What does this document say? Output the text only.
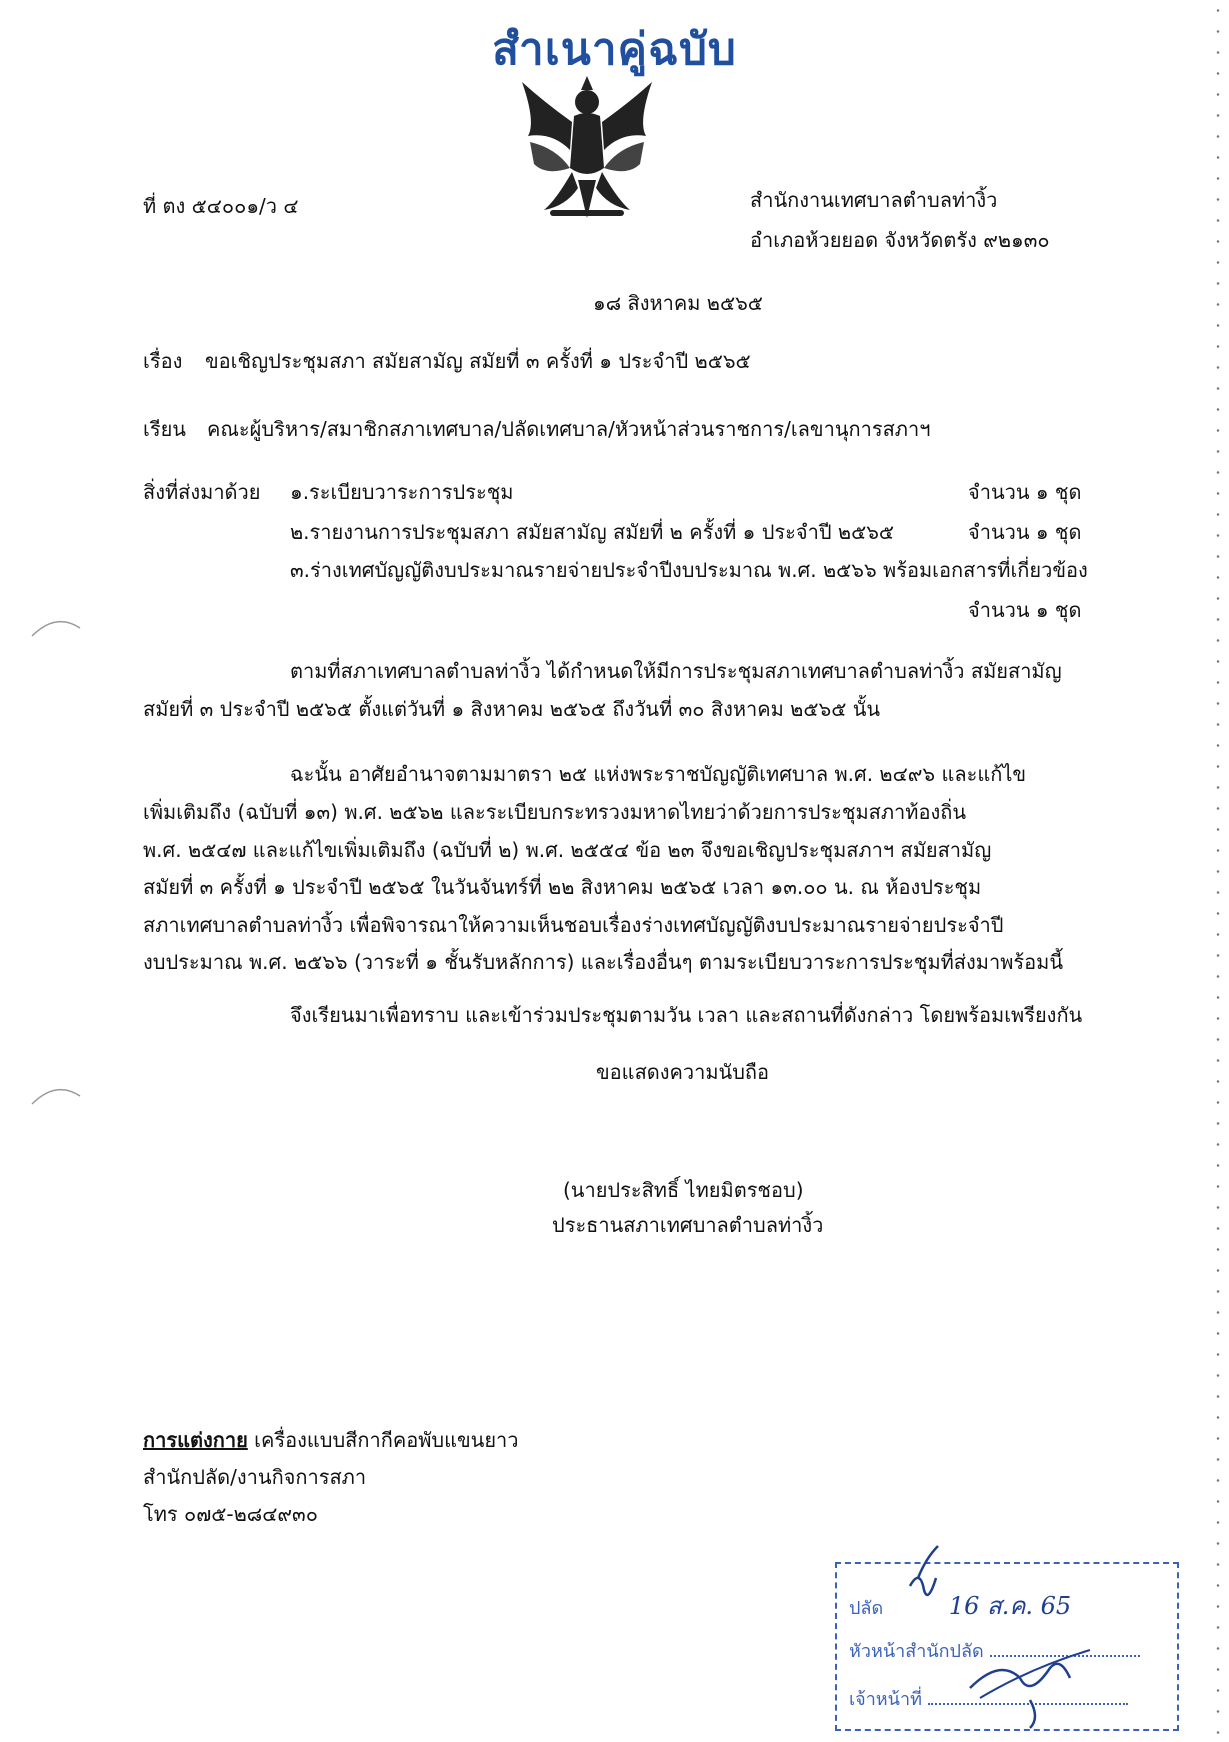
สำเนาคู่ฉบับ
ที่ ตง ๕๔๐๐๑/ว ๔	สำนักงานเทศบาลตำบลท่างิ้ว
อำเภอห้วยยอด จังหวัดตรัง ๙๒๑๓๐
๑๘ สิงหาคม ๒๕๖๕
เรื่อง ขอเชิญประชุมสภา สมัยสามัญ สมัยที่ ๓ ครั้งที่ ๑ ประจำปี ๒๕๖๕
เรียน คณะผู้บริหาร/สมาชิกสภาเทศบาล/ปลัดเทศบาล/หัวหน้าส่วนราชการ/เลขานุการสภาฯ
สิ่งที่ส่งมาด้วย ๑.ระเบียบวาระการประชุม	จำนวน ๑ ชุด
๒.รายงานการประชุมสภา สมัยสามัญ สมัยที่ ๒ ครั้งที่ ๑ ประจำปี ๒๕๖๕	จำนวน ๑ ชุด
๓.ร่างเทศบัญญัติงบประมาณรายจ่ายประจำปีงบประมาณ พ.ศ. ๒๕๖๖ พร้อมเอกสารที่เกี่ยวข้อง
จำนวน ๑ ชุด
ตามที่สภาเทศบาลตำบลท่างิ้ว ได้กำหนดให้มีการประชุมสภาเทศบาลตำบลท่างิ้ว สมัยสามัญ
สมัยที่ ๓ ประจำปี ๒๕๖๕ ตั้งแต่วันที่ ๑ สิงหาคม ๒๕๖๕ ถึงวันที่ ๓๐ สิงหาคม ๒๕๖๕ นั้น
ฉะนั้น อาศัยอำนาจตามมาตรา ๒๕ แห่งพระราชบัญญัติเทศบาล พ.ศ. ๒๔๙๖ และแก้ไข
เพิ่มเติมถึง (ฉบับที่ ๑๓) พ.ศ. ๒๕๖๒ และระเบียบกระทรวงมหาดไทยว่าด้วยการประชุมสภาท้องถิ่น
พ.ศ. ๒๕๔๗ และแก้ไขเพิ่มเติมถึง (ฉบับที่ ๒) พ.ศ. ๒๕๕๔ ข้อ ๒๓ จึงขอเชิญประชุมสภาฯ สมัยสามัญ
สมัยที่ ๓ ครั้งที่ ๑ ประจำปี ๒๕๖๕ ในวันจันทร์ที่ ๒๒ สิงหาคม ๒๕๖๕ เวลา ๑๓.๐๐ น. ณ ห้องประชุม
สภาเทศบาลตำบลท่างิ้ว เพื่อพิจารณาให้ความเห็นชอบเรื่องร่างเทศบัญญัติงบประมาณรายจ่ายประจำปี
งบประมาณ พ.ศ. ๒๕๖๖ (วาระที่ ๑ ชั้นรับหลักการ) และเรื่องอื่นๆ ตามระเบียบวาระการประชุมที่ส่งมาพร้อมนี้
จึงเรียนมาเพื่อทราบ และเข้าร่วมประชุมตามวัน เวลา และสถานที่ดังกล่าว โดยพร้อมเพรียงกัน
ขอแสดงความนับถือ
(นายประสิทธิ์ ไทยมิตรชอบ)
ประธานสภาเทศบาลตำบลท่างิ้ว
การแต่งกาย เครื่องแบบสีกากีคอพับแขนยาว
สำนักปลัด/งานกิจการสภา
โทร ๐๗๕-๒๘๔๙๓๐
ปลัด	16 ส.ค. 65
หัวหน้าสำนักปลัด
เจ้าหน้าที่
